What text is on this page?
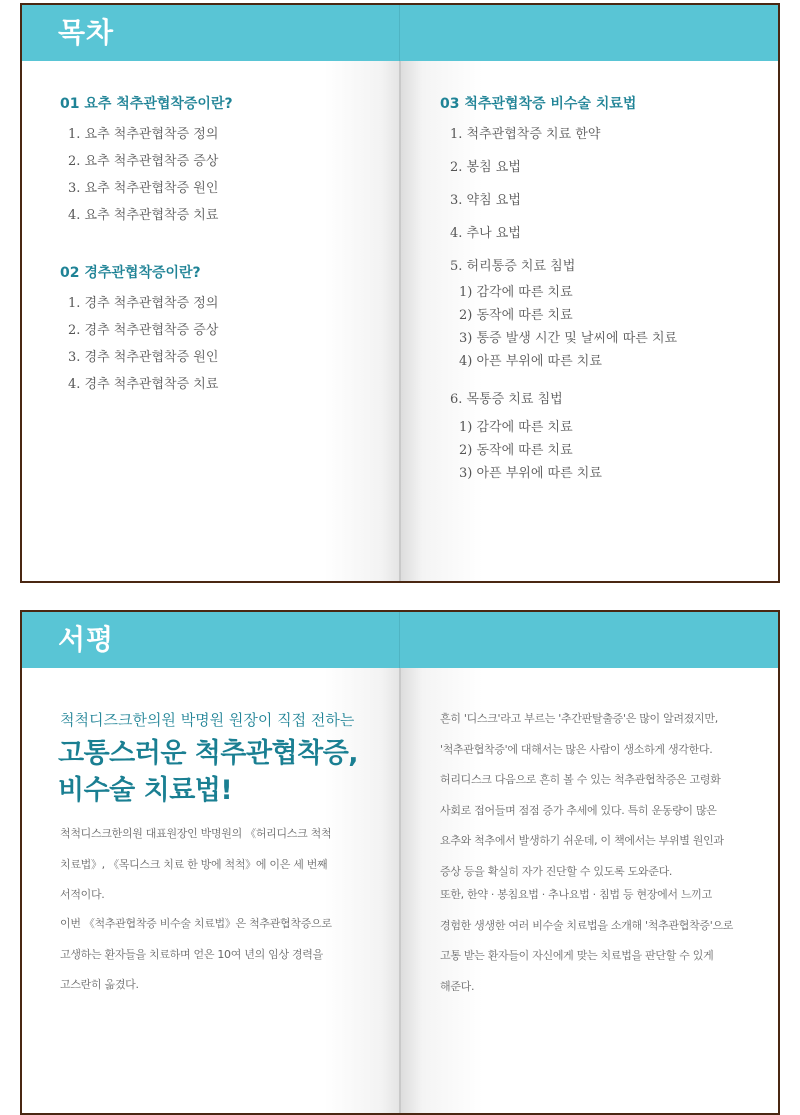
목차
01 요추 척추관협착증이란?
1. 요추 척추관협착증 정의
2. 요추 척추관협착증 증상
3. 요추 척추관협착증 원인
4. 요추 척추관협착증 치료
02 경추관협착증이란?
1. 경추 척추관협착증 정의
2. 경추 척추관협착증 증상
3. 경추 척추관협착증 원인
4. 경추 척추관협착증 치료
03 척추관협착증 비수술 치료법
1. 척추관협착증 치료 한약
2. 봉침 요법
3. 약침 요법
4. 추나 요법
5. 허리통증 치료 침법
1) 감각에 따른 치료
2) 동작에 따른 치료
3) 통증 발생 시간 및 날씨에 따른 치료
4) 아픈 부위에 따른 치료
6. 목통증 치료 침법
1) 감각에 따른 치료
2) 동작에 따른 치료
3) 아픈 부위에 따른 치료
서평
척척디즈크한의원 박명원 원장이 직접 전하는
고통스러운 척추관협착증,
비수술 치료법!
척척디스크한의원 대표원장인 박명원의 《허리디스크 척척
치료법》, 《목디스크 치료 한 방에 척척》에 이은 세 번째
서적이다.
이번 《척추관협착증 비수술 치료법》은 척추관협착증으로
고생하는 환자들을 치료하며 얻은 10여 년의 임상 경력을
고스란히 옮겼다.
흔히 '디스크'라고 부르는 '추간판탈출증'은 많이 알려졌지만,
'척추관협착증'에 대해서는 많은 사람이 생소하게 생각한다.
허리디스크 다음으로 흔히 볼 수 있는 척추관협착증은 고령화
사회로 접어들며 점점 증가 추세에 있다. 특히 운동량이 많은
요추와 척추에서 발생하기 쉬운데, 이 책에서는 부위별 원인과
증상 등을 확실히 자가 진단할 수 있도록 도와준다.
또한, 한약 · 봉침요법 · 추나요법 · 침법 등 현장에서 느끼고
경험한 생생한 여러 비수술 치료법을 소개해 '척추관협착증'으로
고통 받는 환자들이 자신에게 맞는 치료법을 판단할 수 있게
해준다.
